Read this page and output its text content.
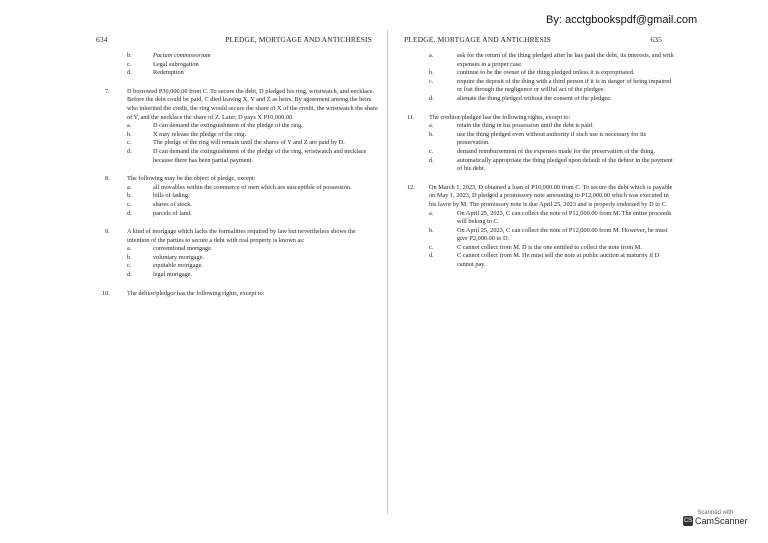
By: acctgbookspdf@gmail.com
634	PLEDGE, MORTGAGE AND ANTICHRESIS
b.	Pactum commissorium
c.	Legal subrogation
d.	Redemption
7.	D borrowed P30,000.00 from C. To secure the debt, D pledged his ring, wristwatch, and necklace. Before the debt could be paid, C died leaving X, Y and Z as heirs. By agreement among the heirs who inherited the credit, the ring would secure the share of X of the credit, the wristwatch the share of Y, and the necklace the share of Z. Later, D pays X P10,000.00.
a.	D can demand the extinguishment of the pledge of the ring.
b.	X may release the pledge of the ring.
c.	The pledge of the ring will remain until the shares of Y and Z are paid by D.
d.	D can demand the extinguishment of the pledge of the ring, wristwatch and necklace because there has been partial payment.
8.	The following may be the object of pledge, except:
a.	all movables within the commerce of men which are susceptible of possession.
b.	bills of lading.
c.	shares of stock.
d.	parcels of land.
9.	A kind of mortgage which lacks the formalities required by law but nevertheless shows the intention of the parties to secure a debt with real property is known as:
a.	conventional mortgage.
b.	voluntary mortgage.
c.	equitable mortgage.
d.	legal mortgage.
10.	The debtor/pledgor has the following rights, except to:
PLEDGE, MORTGAGE AND ANTICHRESIS	635
a.	ask for the return of the thing pledged after he has paid the debt, its interests, and with expenses in a proper case.
b.	continue to be the owner of the thing pledged unless it is expropriated.
c.	require the deposit of the thing with a third person if it is in danger of being impaired or lost through the negligence or willful act of the pledgee.
d.	alienate the thing pledged without the consent of the pledgee.
11. The creditor/pledgee has the following rights, except to:
a.	retain the thing in his possession until the debt is paid.
b.	use the thing pledged even without authority if such use is necessary for its preservation.
c.	demand reimbursement of the expenses made for the preservation of the thing.
d.	automatically appropriate the thing pledged upon default of the debtor in the payment of his debt.
12. On March 1, 2023, D obtained a loan of P10,000.00 from C. To secure the debt which is payable on May 1, 2023, D pledged a promissory note amounting to P12,000.00 which was executed in his favor by M. The promissory note is due April 25, 2023 and is properly endorsed by D to C.
a.	On April 25, 2023, C can collect the note of P12,000.00 from M. The entire proceeds will belong to C.
b.	On April 25, 2023, C can collect the note of P12,000.00 from M. However, he must give P2,000.00 to D.
c.	C cannot collect from M. D is the one entitled to collect the note from M.
d.	C cannot collect from M. He must sell the note at public auction at maturity if D cannot pay.
Scanned with
CS CamScanner
